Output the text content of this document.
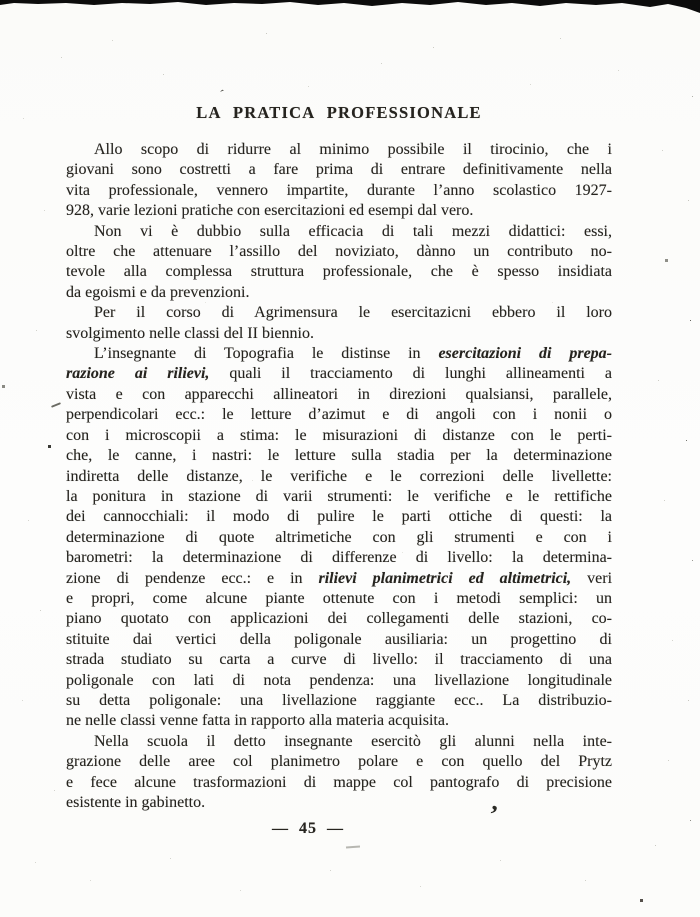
LA PRATICA PROFESSIONALE
Allo scopo di ridurre al minimo possibile il tirocinio, che i
giovani sono costretti a fare prima di entrare definitivamente nella
vita professionale, vennero impartite, durante l’anno scolastico 1927-
928, varie lezioni pratiche con esercitazioni ed esempi dal vero.
Non vi è dubbio sulla efficacia di tali mezzi didattici: essi,
oltre che attenuare l’assillo del noviziato, dànno un contributo no-
tevole alla complessa struttura professionale, che è spesso insidiata
da egoismi e da prevenzioni.
Per il corso di Agrimensura le esercitazicni ebbero il loro
svolgimento nelle classi del II biennio.
L’insegnante di Topografia le distinse in esercitazioni di prepa-
razione ai rilievi, quali il tracciamento di lunghi allineamenti a
vista e con apparecchi allineatori in direzioni qualsiansi, parallele,
perpendicolari ecc.: le letture d’azimut e di angoli con i nonii o
con i microscopii a stima: le misurazioni di distanze con le perti-
che, le canne, i nastri: le letture sulla stadia per la determinazione
indiretta delle distanze, le verifiche e le correzioni delle livellette:
la ponitura in stazione di varii strumenti: le verifiche e le rettifiche
dei cannocchiali: il modo di pulire le parti ottiche di questi: la
determinazione di quote altrimetiche con gli strumenti e con i
barometri: la determinazione di differenze di livello: la determina-
zione di pendenze ecc.: e in rilievi planimetrici ed altimetrici, veri
e propri, come alcune piante ottenute con i metodi semplici: un
piano quotato con applicazioni dei collegamenti delle stazioni, co-
stituite dai vertici della poligonale ausiliaria: un progettino di
strada studiato su carta a curve di livello: il tracciamento di una
poligonale con lati di nota pendenza: una livellazione longitudinale
su detta poligonale: una livellazione raggiante ecc.. La distribuzio-
ne nelle classi venne fatta in rapporto alla materia acquisita.
Nella scuola il detto insegnante esercitò gli alunni nella inte-
grazione delle aree col planimetro polare e con quello del Prytz
e fece alcune trasformazioni di mappe col pantografo di precisione
esistente in gabinetto.
— 45 —
´
’
